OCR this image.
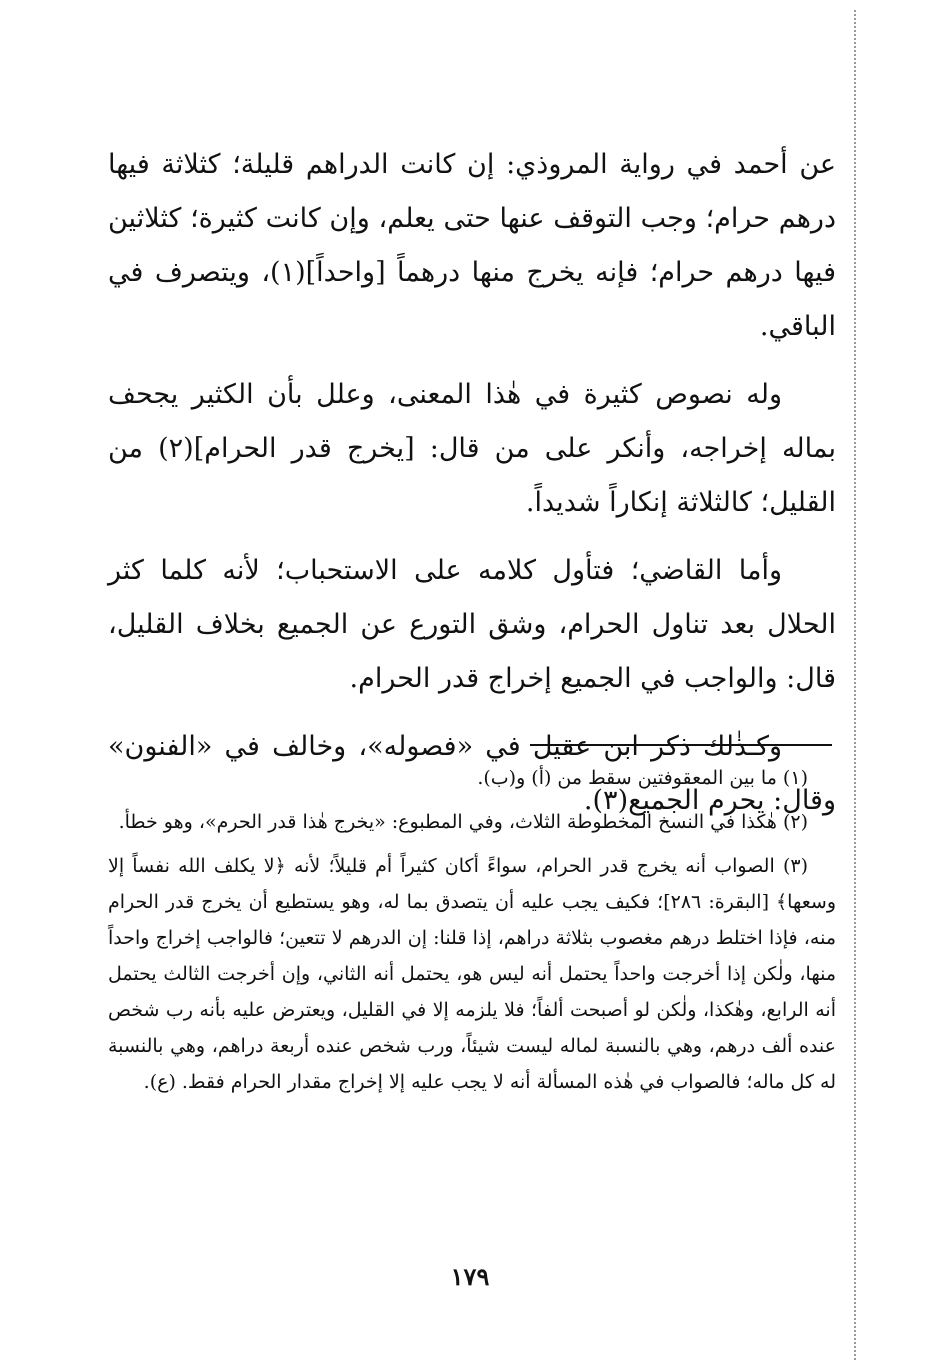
عن أحمد في رواية المروذي: إن كانت الدراهم قليلة؛ كثلاثة فيها درهم حرام؛ وجب التوقف عنها حتى يعلم، وإن كانت كثيرة؛ كثلاثين فيها درهم حرام؛ فإنه يخرج منها درهماً [واحداً](١)، ويتصرف في الباقي.

وله نصوص كثيرة في هٰذا المعنى، وعلل بأن الكثير يجحف بماله إخراجه، وأنكر على من قال: [يخرج قدر الحرام](٢) من القليل؛ كالثلاثة إنكاراً شديداً.

وأما القاضي؛ فتأول كلامه على الاستحباب؛ لأنه كلما كثر الحلال بعد تناول الحرام، وشق التورع عن الجميع بخلاف القليل، قال: والواجب في الجميع إخراج قدر الحرام.

وكـذٰلك ذكر ابن عقيل في «فصوله»، وخالف في «الفنون» وقال: يحرم الجميع(٣).

(١) ما بين المعقوفتين سقط من (أ) و(ب).

(٢) هٰكذا في النسخ المخطوطة الثلاث، وفي المطبوع: «يخرج هٰذا قدر الحرم»، وهو خطأ.

(٣) الصواب أنه يخرج قدر الحرام، سواءً أكان كثيراً أم قليلاً؛ لأنه ﴿لا يكلف الله نفساً إلا وسعها﴾ [البقرة: ٢٨٦]؛ فكيف يجب عليه أن يتصدق بما له، وهو يستطيع أن يخرج قدر الحرام منه، فإذا اختلط درهم مغصوب بثلاثة دراهم، إذا قلنا: إن الدرهم لا تتعين؛ فالواجب إخراج واحداً منها، ولٰكن إذا أخرجت واحداً يحتمل أنه ليس هو، يحتمل أنه الثاني، وإن أخرجت الثالث يحتمل أنه الرابع، وهٰكذا، ولٰكن لو أصبحت ألفاً؛ فلا يلزمه إلا في القليل، ويعترض عليه بأنه رب شخص عنده ألف درهم، وهي بالنسبة لماله ليست شيئاً، ورب شخص عنده أربعة دراهم، وهي بالنسبة له كل ماله؛ فالصواب في هٰذه المسألة أنه لا يجب عليه إلا إخراج مقدار الحرام فقط. (ع).

١٧٩
